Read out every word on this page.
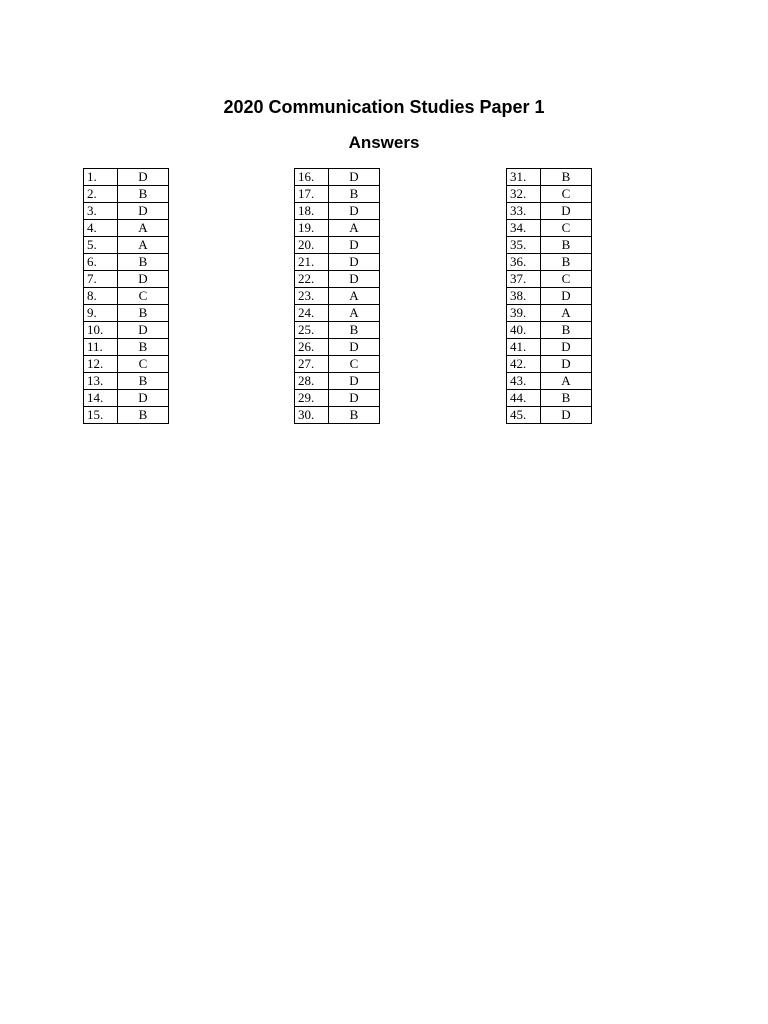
2020 Communication Studies Paper 1
Answers
1.	D
2.	B
3.	D
4.	A
5.	A
6.	B
7.	D
8.	C
9.	B
10.	D
11.	B
12.	C
13.	B
14.	D
15.	B
16.	D
17.	B
18.	D
19.	A
20.	D
21.	D
22.	D
23.	A
24.	A
25.	B
26.	D
27.	C
28.	D
29.	D
30.	B
31.	B
32.	C
33.	D
34.	C
35.	B
36.	B
37.	C
38.	D
39.	A
40.	B
41.	D
42.	D
43.	A
44.	B
45.	D
